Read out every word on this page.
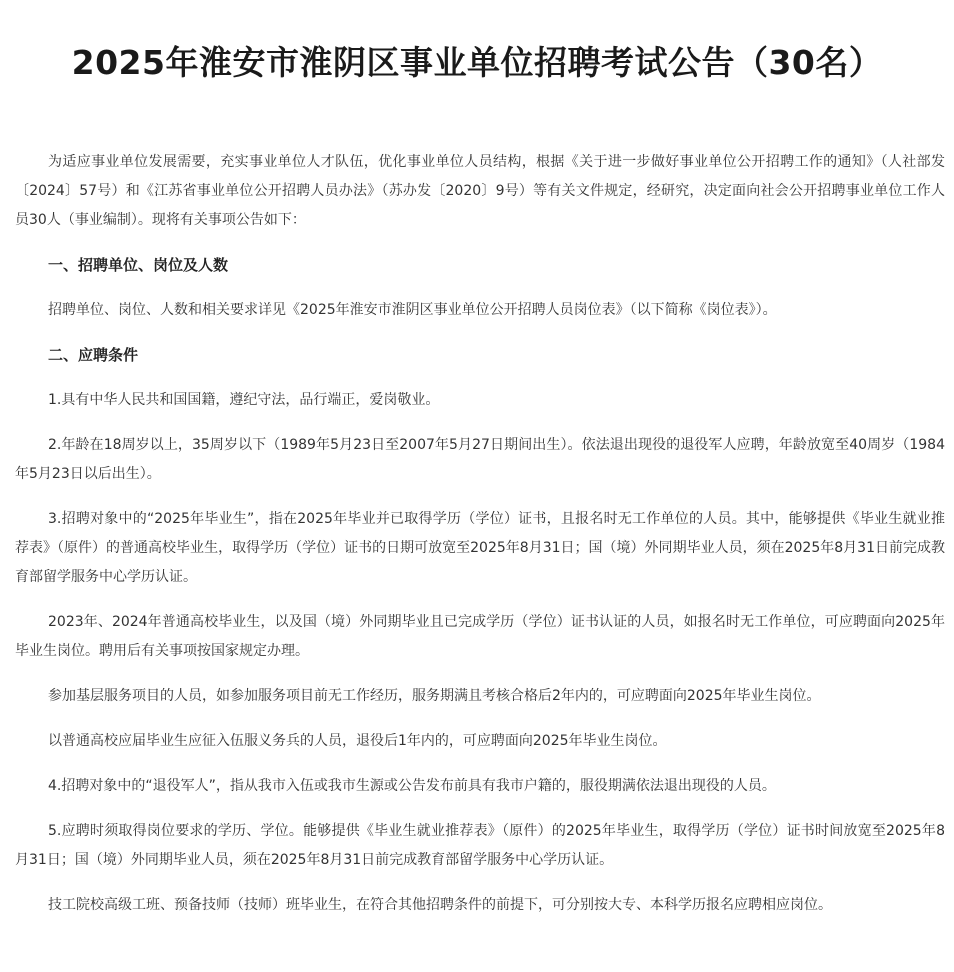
2025年淮安市淮阴区事业单位招聘考试公告（30名）

为适应事业单位发展需要，充实事业单位人才队伍，优化事业单位人员结构，根据《关于进一步做好事业单位公开招聘工作的通知》（人社部发〔2024〕57号）和《江苏省事业单位公开招聘人员办法》（苏办发〔2020〕9号）等有关文件规定，经研究，决定面向社会公开招聘事业单位工作人员30人（事业编制）。现将有关事项公告如下：

一、招聘单位、岗位及人数

招聘单位、岗位、人数和相关要求详见《2025年淮安市淮阴区事业单位公开招聘人员岗位表》（以下简称《岗位表》）。

二、应聘条件

1.具有中华人民共和国国籍，遵纪守法，品行端正，爱岗敬业。

2.年龄在18周岁以上，35周岁以下（1989年5月23日至2007年5月27日期间出生）。依法退出现役的退役军人应聘，年龄放宽至40周岁（1984年5月23日以后出生）。

3.招聘对象中的“2025年毕业生”，指在2025年毕业并已取得学历（学位）证书，且报名时无工作单位的人员。其中，能够提供《毕业生就业推荐表》（原件）的普通高校毕业生，取得学历（学位）证书的日期可放宽至2025年8月31日；国（境）外同期毕业人员，须在2025年8月31日前完成教育部留学服务中心学历认证。

2023年、2024年普通高校毕业生，以及国（境）外同期毕业且已完成学历（学位）证书认证的人员，如报名时无工作单位，可应聘面向2025年毕业生岗位。聘用后有关事项按国家规定办理。

参加基层服务项目的人员，如参加服务项目前无工作经历，服务期满且考核合格后2年内的，可应聘面向2025年毕业生岗位。

以普通高校应届毕业生应征入伍服义务兵的人员，退役后1年内的，可应聘面向2025年毕业生岗位。

4.招聘对象中的“退役军人”，指从我市入伍或我市生源或公告发布前具有我市户籍的，服役期满依法退出现役的人员。

5.应聘时须取得岗位要求的学历、学位。能够提供《毕业生就业推荐表》（原件）的2025年毕业生，取得学历（学位）证书时间放宽至2025年8月31日；国（境）外同期毕业人员，须在2025年8月31日前完成教育部留学服务中心学历认证。

技工院校高级工班、预备技师（技师）班毕业生，在符合其他招聘条件的前提下，可分别按大专、本科学历报名应聘相应岗位。
